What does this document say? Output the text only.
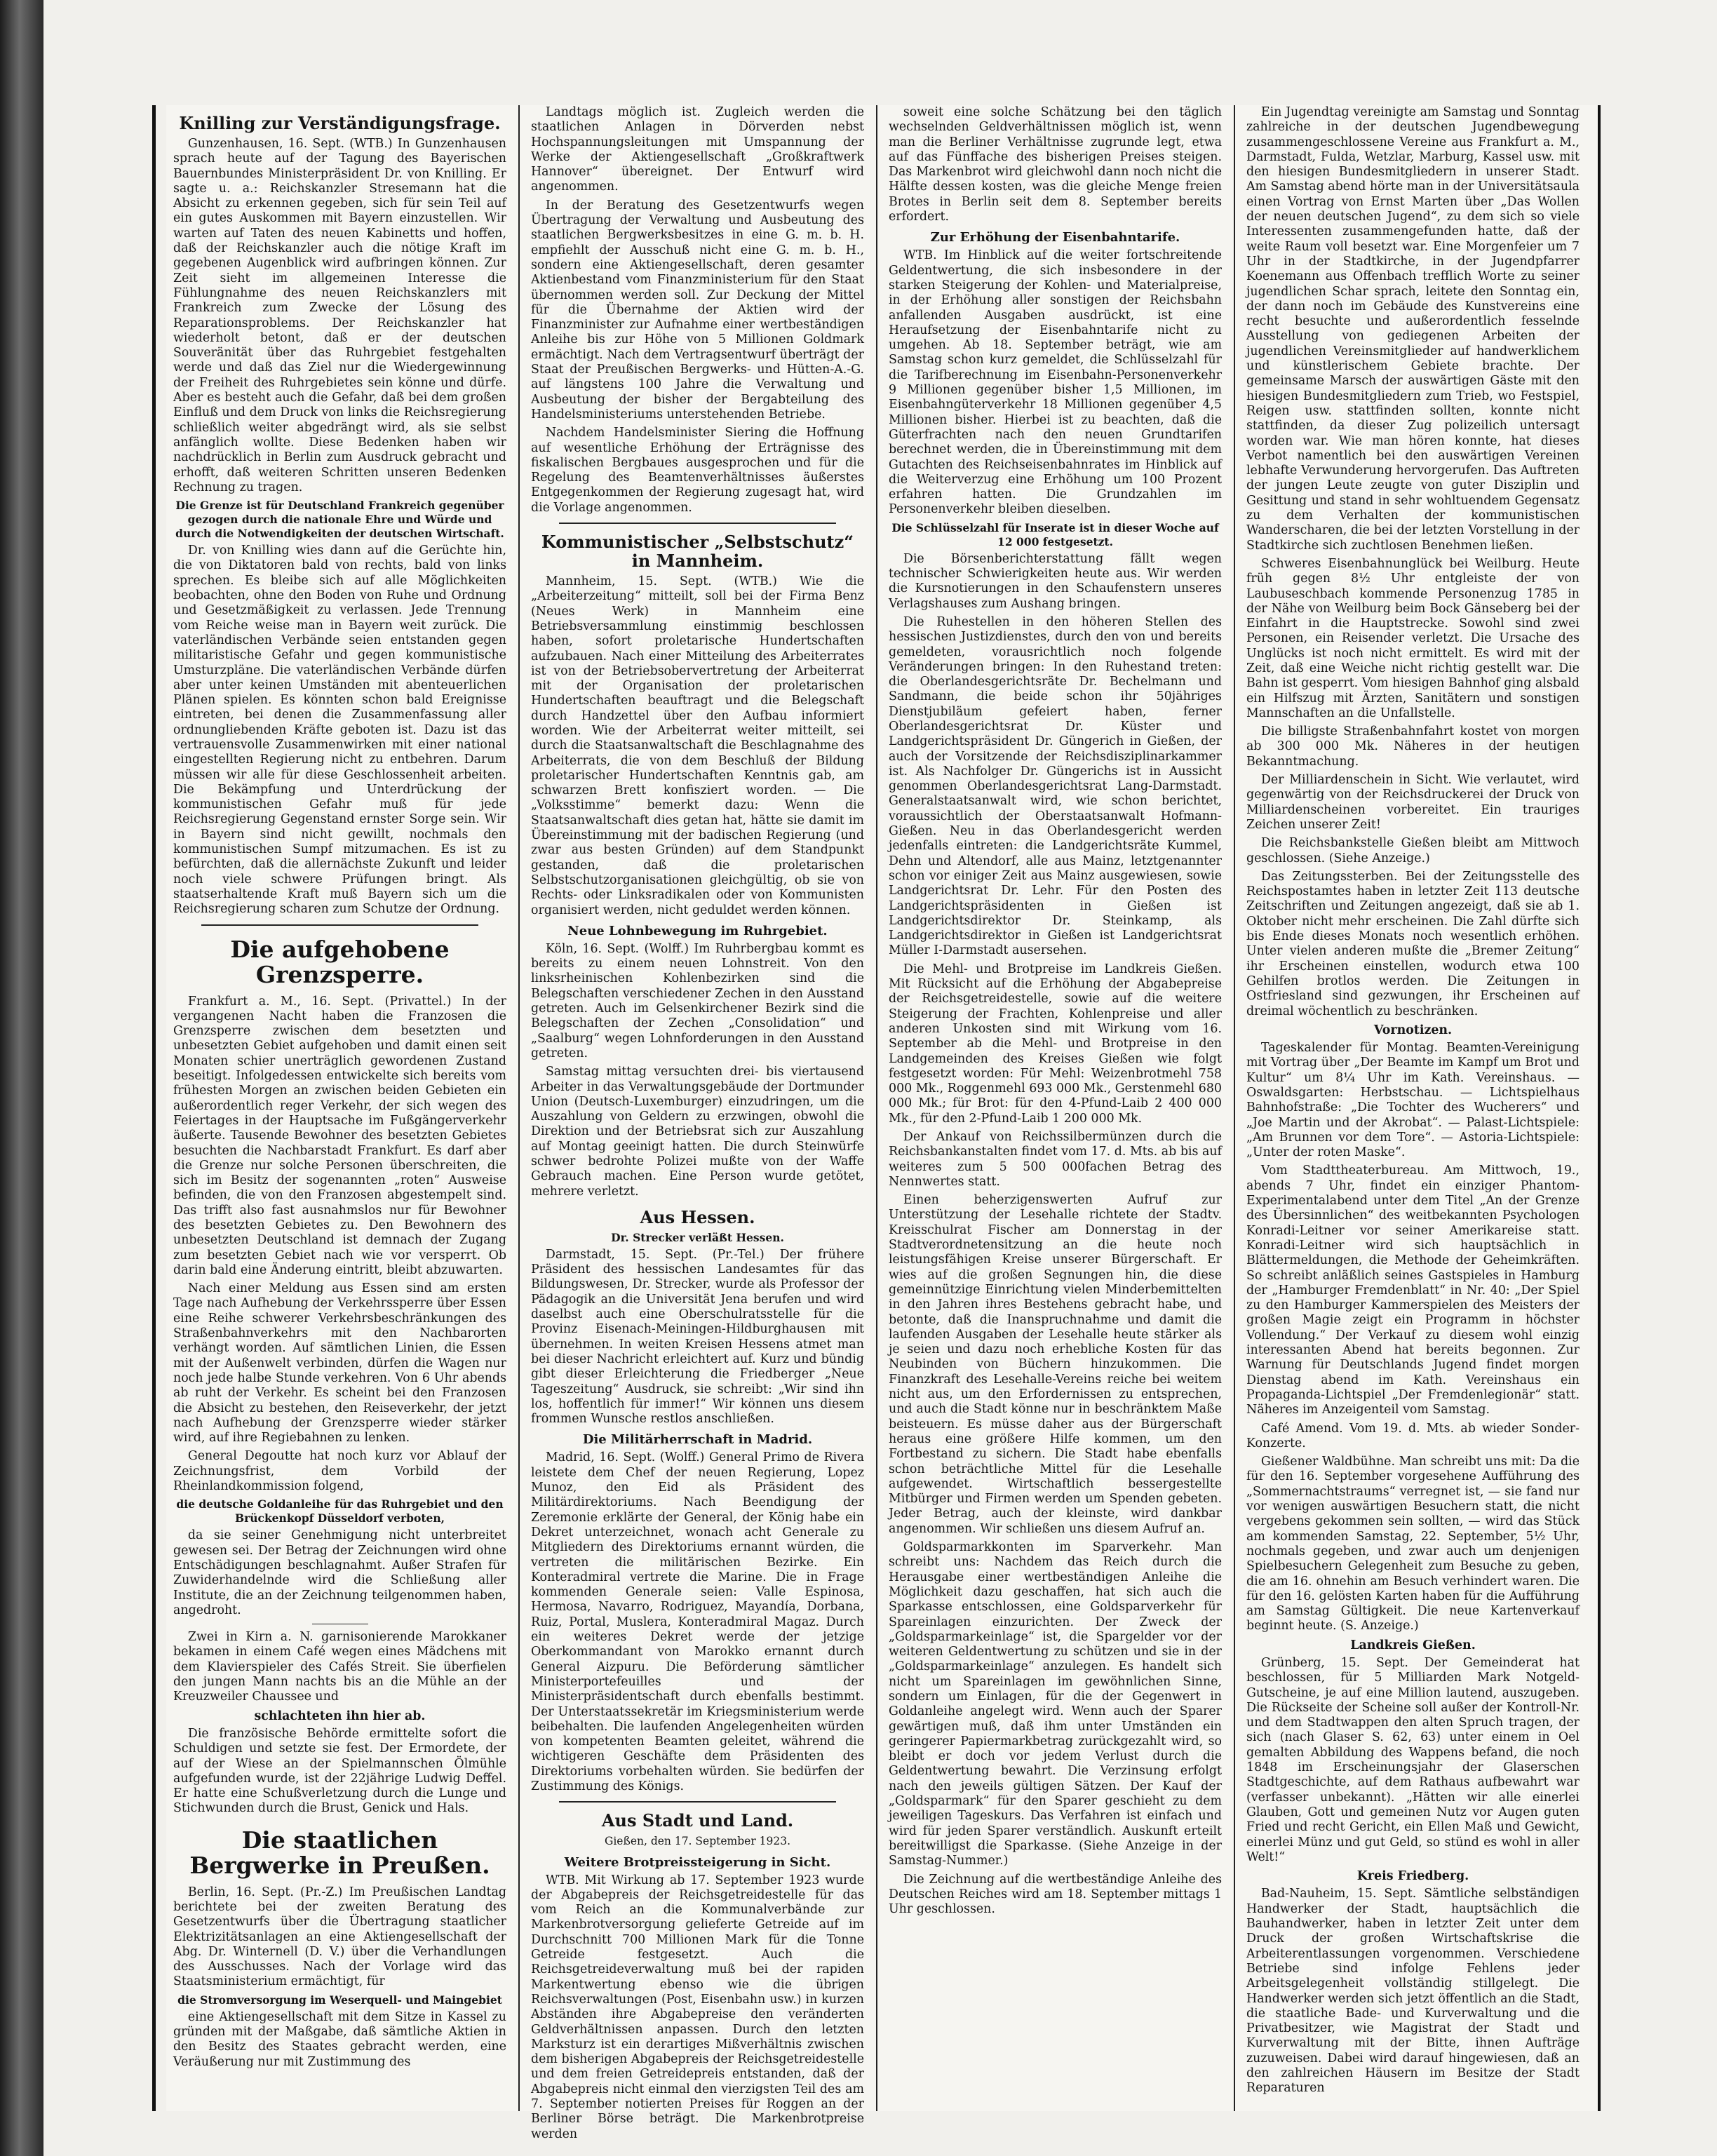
Knilling zur Verständigungsfrage.

Gunzenhausen, 16. Sept. (WTB.) In Gunzenhausen sprach heute auf der Tagung des Bayerischen Bauernbundes Ministerpräsident Dr. von Knilling. Er sagte u. a.: Reichskanzler Stresemann hat die Absicht zu erkennen gegeben, sich für sein Teil auf ein gutes Auskommen mit Bayern einzustellen. Wir warten auf Taten des neuen Kabinetts und hoffen, daß der Reichskanzler auch die nötige Kraft im gegebenen Augenblick wird aufbringen können. Zur Zeit sieht im allgemeinen Interesse die Fühlungnahme des neuen Reichskanzlers mit Frankreich zum Zwecke der Lösung des Reparationsproblems. Der Reichskanzler hat wiederholt betont, daß er der deutschen Souveränität über das Ruhrgebiet festgehalten werde und daß das Ziel nur die Wiedergewinnung der Freiheit des Ruhrgebietes sein könne und dürfe. Aber es besteht auch die Gefahr, daß bei dem großen Einfluß und dem Druck von links die Reichsregierung schließlich weiter abgedrängt wird, als sie selbst anfänglich wollte. Diese Bedenken haben wir nachdrücklich in Berlin zum Ausdruck gebracht und erhofft, daß weiteren Schritten unseren Bedenken Rechnung zu tragen.

Die Grenze ist für Deutschland Frankreich gegenüber gezogen durch die nationale Ehre und Würde und durch die Notwendigkeiten der deutschen Wirtschaft.

Dr. von Knilling wies dann auf die Gerüchte hin, die von Diktatoren bald von rechts, bald von links sprechen. Es bleibe sich auf alle Möglichkeiten beobachten, ohne den Boden von Ruhe und Ordnung und Gesetzmäßigkeit zu verlassen. Jede Trennung vom Reiche weise man in Bayern weit zurück. Die vaterländischen Verbände seien entstanden gegen militaristische Gefahr und gegen kommunistische Umsturzpläne. Die vaterländischen Verbände dürfen aber unter keinen Umständen mit abenteuerlichen Plänen spielen. Es könnten schon bald Ereignisse eintreten, bei denen die Zusammenfassung aller ordnungliebenden Kräfte geboten ist. Dazu ist das vertrauensvolle Zusammenwirken mit einer national eingestellten Regierung nicht zu entbehren. Darum müssen wir alle für diese Geschlossenheit arbeiten. Die Bekämpfung und Unterdrückung der kommunistischen Gefahr muß für jede Reichsregierung Gegenstand ernster Sorge sein. Wir in Bayern sind nicht gewillt, nochmals den kommunistischen Sumpf mitzumachen. Es ist zu befürchten, daß die allernächste Zukunft und leider noch viele schwere Prüfungen bringt. Als staatserhaltende Kraft muß Bayern sich um die Reichsregierung scharen zum Schutze der Ordnung.

Die aufgehobene Grenzsperre.

Frankfurt a. M., 16. Sept. (Privattel.) In der vergangenen Nacht haben die Franzosen die Grenzsperre zwischen dem besetzten und unbesetzten Gebiet aufgehoben und damit einen seit Monaten schier unerträglich gewordenen Zustand beseitigt. Infolgedessen entwickelte sich bereits vom frühesten Morgen an zwischen beiden Gebieten ein außerordentlich reger Verkehr, der sich wegen des Feiertages in der Hauptsache im Fußgängerverkehr äußerte. Tausende Bewohner des besetzten Gebietes besuchten die Nachbarstadt Frankfurt. Es darf aber die Grenze nur solche Personen überschreiten, die sich im Besitz der sogenannten „roten“ Ausweise befinden, die von den Franzosen abgestempelt sind. Das trifft also fast ausnahmslos nur für Bewohner des besetzten Gebietes zu. Den Bewohnern des unbesetzten Deutschland ist demnach der Zugang zum besetzten Gebiet nach wie vor versperrt. Ob darin bald eine Änderung eintritt, bleibt abzuwarten.

Nach einer Meldung aus Essen sind am ersten Tage nach Aufhebung der Verkehrssperre über Essen eine Reihe schwerer Verkehrsbeschränkungen des Straßenbahnverkehrs mit den Nachbarorten verhängt worden. Auf sämtlichen Linien, die Essen mit der Außenwelt verbinden, dürfen die Wagen nur noch jede halbe Stunde verkehren. Von 6 Uhr abends ab ruht der Verkehr. Es scheint bei den Franzosen die Absicht zu bestehen, den Reiseverkehr, der jetzt nach Aufhebung der Grenzsperre wieder stärker wird, auf ihre Regiebahnen zu lenken.

General Degoutte hat noch kurz vor Ablauf der Zeichnungsfrist, dem Vorbild der Rheinlandkommission folgend,

die deutsche Goldanleihe für das Ruhrgebiet und den Brückenkopf Düsseldorf verboten,

da sie seiner Genehmigung nicht unterbreitet gewesen sei. Der Betrag der Zeichnungen wird ohne Entschädigungen beschlagnahmt. Außer Strafen für Zuwiderhandelnde wird die Schließung aller Institute, die an der Zeichnung teilgenommen haben, angedroht.

Zwei in Kirn a. N. garnisonierende Marokkaner bekamen in einem Café wegen eines Mädchens mit dem Klavierspieler des Cafés Streit. Sie überfielen den jungen Mann nachts bis an die Mühle an der Kreuzweiler Chaussee und

schlachteten ihn hier ab.

Die französische Behörde ermittelte sofort die Schuldigen und setzte sie fest. Der Ermordete, der auf der Wiese an der Spielmannschen Ölmühle aufgefunden wurde, ist der 22jährige Ludwig Deffel. Er hatte eine Schußverletzung durch die Lunge und Stichwunden durch die Brust, Genick und Hals.

Die staatlichen Bergwerke in Preußen.

Berlin, 16. Sept. (Pr.-Z.) Im Preußischen Landtag berichtete bei der zweiten Beratung des Gesetzentwurfs über die Übertragung staatlicher Elektrizitätsanlagen an eine Aktiengesellschaft der Abg. Dr. Winternell (D. V.) über die Verhandlungen des Ausschusses. Nach der Vorlage wird das Staatsministerium ermächtigt, für

die Stromversorgung im Weserquell- und Maingebiet

eine Aktiengesellschaft mit dem Sitze in Kassel zu gründen mit der Maßgabe, daß sämtliche Aktien in den Besitz des Staates gebracht werden, eine Veräußerung nur mit Zustimmung des

Landtags möglich ist. Zugleich werden die staatlichen Anlagen in Dörverden nebst Hochspannungsleitungen mit Umspannung der Werke der Aktiengesellschaft „Großkraftwerk Hannover“ übereignet. Der Entwurf wird angenommen.

In der Beratung des Gesetzentwurfs wegen Übertragung der Verwaltung und Ausbeutung des staatlichen Bergwerksbesitzes in eine G. m. b. H. empfiehlt der Ausschuß nicht eine G. m. b. H., sondern eine Aktiengesellschaft, deren gesamter Aktienbestand vom Finanzministerium für den Staat übernommen werden soll. Zur Deckung der Mittel für die Übernahme der Aktien wird der Finanzminister zur Aufnahme einer wertbeständigen Anleihe bis zur Höhe von 5 Millionen Goldmark ermächtigt. Nach dem Vertragsentwurf überträgt der Staat der Preußischen Bergwerks- und Hütten-A.-G. auf längstens 100 Jahre die Verwaltung und Ausbeutung der bisher der Bergabteilung des Handelsministeriums unterstehenden Betriebe.

Nachdem Handelsminister Siering die Hoffnung auf wesentliche Erhöhung der Erträgnisse des fiskalischen Bergbaues ausgesprochen und für die Regelung des Beamtenverhältnisses äußerstes Entgegenkommen der Regierung zugesagt hat, wird die Vorlage angenommen.

Kommunistischer „Selbstschutz“ in Mannheim.

Mannheim, 15. Sept. (WTB.) Wie die „Arbeiterzeitung“ mitteilt, soll bei der Firma Benz (Neues Werk) in Mannheim eine Betriebsversammlung einstimmig beschlossen haben, sofort proletarische Hundertschaften aufzubauen. Nach einer Mitteilung des Arbeiterrates ist von der Betriebsobervertretung der Arbeiterrat mit der Organisation der proletarischen Hundertschaften beauftragt und die Belegschaft durch Handzettel über den Aufbau informiert worden. Wie der Arbeiterrat weiter mitteilt, sei durch die Staatsanwaltschaft die Beschlagnahme des Arbeiterrats, die von dem Beschluß der Bildung proletarischer Hundertschaften Kenntnis gab, am schwarzen Brett konfisziert worden. — Die „Volksstimme“ bemerkt dazu: Wenn die Staatsanwaltschaft dies getan hat, hätte sie damit im Übereinstimmung mit der badischen Regierung (und zwar aus besten Gründen) auf dem Standpunkt gestanden, daß die proletarischen Selbstschutzorganisationen gleichgültig, ob sie von Rechts- oder Linksradikalen oder von Kommunisten organisiert werden, nicht geduldet werden können.

Neue Lohnbewegung im Ruhrgebiet.

Köln, 16. Sept. (Wolff.) Im Ruhrbergbau kommt es bereits zu einem neuen Lohnstreit. Von den linksrheinischen Kohlenbezirken sind die Belegschaften verschiedener Zechen in den Ausstand getreten. Auch im Gelsenkirchener Bezirk sind die Belegschaften der Zechen „Consolidation“ und „Saalburg“ wegen Lohnforderungen in den Ausstand getreten.

Samstag mittag versuchten drei- bis viertausend Arbeiter in das Verwaltungsgebäude der Dortmunder Union (Deutsch-Luxemburger) einzudringen, um die Auszahlung von Geldern zu erzwingen, obwohl die Direktion und der Betriebsrat sich zur Auszahlung auf Montag geeinigt hatten. Die durch Steinwürfe schwer bedrohte Polizei mußte von der Waffe Gebrauch machen. Eine Person wurde getötet, mehrere verletzt.

Aus Hessen.
Dr. Strecker verläßt Hessen.

Darmstadt, 15. Sept. (Pr.-Tel.) Der frühere Präsident des hessischen Landesamtes für das Bildungswesen, Dr. Strecker, wurde als Professor der Pädagogik an die Universität Jena berufen und wird daselbst auch eine Oberschulratsstelle für die Provinz Eisenach-Meiningen-Hildburghausen mit übernehmen. In weiten Kreisen Hessens atmet man bei dieser Nachricht erleichtert auf. Kurz und bündig gibt dieser Erleichterung die Friedberger „Neue Tageszeitung“ Ausdruck, sie schreibt: „Wir sind ihn los, hoffentlich für immer!“ Wir können uns diesem frommen Wunsche restlos anschließen.

Die Militärherrschaft in Madrid.

Madrid, 16. Sept. (Wolff.) General Primo de Rivera leistete dem Chef der neuen Regierung, Lopez Munoz, den Eid als Präsident des Militärdirektoriums. Nach Beendigung der Zeremonie erklärte der General, der König habe ein Dekret unterzeichnet, wonach acht Generale zu Mitgliedern des Direktoriums ernannt würden, die vertreten die militärischen Bezirke. Ein Konteradmiral vertrete die Marine. Die in Frage kommenden Generale seien: Valle Espinosa, Hermosa, Navarro, Rodriguez, Mayandía, Dorbana, Ruiz, Portal, Muslera, Konteradmiral Magaz. Durch ein weiteres Dekret werde der jetzige Oberkommandant von Marokko ernannt durch General Aizpuru. Die Beförderung sämtlicher Ministerportefeuilles und der Ministerpräsidentschaft durch ebenfalls bestimmt. Der Unterstaatssekretär im Kriegsministerium werde beibehalten. Die laufenden Angelegenheiten würden von kompetenten Beamten geleitet, während die wichtigeren Geschäfte dem Präsidenten des Direktoriums vorbehalten würden. Sie bedürfen der Zustimmung des Königs.

Aus Stadt und Land.
Gießen, den 17. September 1923.
Weitere Brotpreissteigerung in Sicht.

WTB. Mit Wirkung ab 17. September 1923 wurde der Abgabepreis der Reichsgetreidestelle für das vom Reich an die Kommunalverbände zur Markenbrotversorgung gelieferte Getreide auf im Durchschnitt 700 Millionen Mark für die Tonne Getreide festgesetzt. Auch die Reichsgetreideverwaltung muß bei der rapiden Markentwertung ebenso wie die übrigen Reichsverwaltungen (Post, Eisenbahn usw.) in kurzen Abständen ihre Abgabepreise den veränderten Geldverhältnissen anpassen. Durch den letzten Marksturz ist ein derartiges Mißverhältnis zwischen dem bisherigen Abgabepreis der Reichsgetreidestelle und dem freien Getreidepreis entstanden, daß der Abgabepreis nicht einmal den vierzigsten Teil des am 7. September notierten Preises für Roggen an der Berliner Börse beträgt. Die Markenbrotpreise werden

soweit eine solche Schätzung bei den täglich wechselnden Geldverhältnissen möglich ist, wenn man die Berliner Verhältnisse zugrunde legt, etwa auf das Fünffache des bisherigen Preises steigen. Das Markenbrot wird gleichwohl dann noch nicht die Hälfte dessen kosten, was die gleiche Menge freien Brotes in Berlin seit dem 8. September bereits erfordert.

Zur Erhöhung der Eisenbahntarife.

WTB. Im Hinblick auf die weiter fortschreitende Geldentwertung, die sich insbesondere in der starken Steigerung der Kohlen- und Materialpreise, in der Erhöhung aller sonstigen der Reichsbahn anfallenden Ausgaben ausdrückt, ist eine Heraufsetzung der Eisenbahntarife nicht zu umgehen. Ab 18. September beträgt, wie am Samstag schon kurz gemeldet, die Schlüsselzahl für die Tarifberechnung im Eisenbahn-Personenverkehr 9 Millionen gegenüber bisher 1,5 Millionen, im Eisenbahngüterverkehr 18 Millionen gegenüber 4,5 Millionen bisher. Hierbei ist zu beachten, daß die Güterfrachten nach den neuen Grundtarifen berechnet werden, die in Übereinstimmung mit dem Gutachten des Reichseisenbahnrates im Hinblick auf die Weiterverzug eine Erhöhung um 100 Prozent erfahren hatten. Die Grundzahlen im Personenverkehr bleiben dieselben.

Die Schlüsselzahl für Inserate ist in dieser Woche auf 12 000 festgesetzt.

Die Börsenberichterstattung fällt wegen technischer Schwierigkeiten heute aus. Wir werden die Kursnotierungen in den Schaufenstern unseres Verlagshauses zum Aushang bringen.

Die Ruhestellen in den höheren Stellen des hessischen Justizdienstes, durch den von und bereits gemeldeten, vorausrichtlich noch folgende Veränderungen bringen: In den Ruhestand treten: die Oberlandesgerichtsräte Dr. Bechelmann und Sandmann, die beide schon ihr 50jähriges Dienstjubiläum gefeiert haben, ferner Oberlandesgerichtsrat Dr. Küster und Landgerichtspräsident Dr. Güngerich in Gießen, der auch der Vorsitzende der Reichsdisziplinarkammer ist. Als Nachfolger Dr. Güngerichs ist in Aussicht genommen Oberlandesgerichtsrat Lang-Darmstadt. Generalstaatsanwalt wird, wie schon berichtet, voraussichtlich der Oberstaatsanwalt Hofmann-Gießen. Neu in das Oberlandesgericht werden jedenfalls eintreten: die Landgerichtsräte Kummel, Dehn und Altendorf, alle aus Mainz, letztgenannter schon vor einiger Zeit aus Mainz ausgewiesen, sowie Landgerichtsrat Dr. Lehr. Für den Posten des Landgerichtspräsidenten in Gießen ist Landgerichtsdirektor Dr. Steinkamp, als Landgerichtsdirektor in Gießen ist Landgerichtsrat Müller I-Darmstadt ausersehen.

Die Mehl- und Brotpreise im Landkreis Gießen. Mit Rücksicht auf die Erhöhung der Abgabepreise der Reichsgetreidestelle, sowie auf die weitere Steigerung der Frachten, Kohlenpreise und aller anderen Unkosten sind mit Wirkung vom 16. September ab die Mehl- und Brotpreise in den Landgemeinden des Kreises Gießen wie folgt festgesetzt worden: Für Mehl: Weizenbrotmehl 758 000 Mk., Roggenmehl 693 000 Mk., Gerstenmehl 680 000 Mk.; für Brot: für den 4-Pfund-Laib 2 400 000 Mk., für den 2-Pfund-Laib 1 200 000 Mk.

Der Ankauf von Reichssilbermünzen durch die Reichsbankanstalten findet vom 17. d. Mts. ab bis auf weiteres zum 5 500 000fachen Betrag des Nennwertes statt.

Einen beherzigenswerten Aufruf zur Unterstützung der Lesehalle richtete der Stadtv. Kreisschulrat Fischer am Donnerstag in der Stadtverordnetensitzung an die heute noch leistungsfähigen Kreise unserer Bürgerschaft. Er wies auf die großen Segnungen hin, die diese gemeinnützige Einrichtung vielen Minderbemittelten in den Jahren ihres Bestehens gebracht habe, und betonte, daß die Inanspruchnahme und damit die laufenden Ausgaben der Lesehalle heute stärker als je seien und dazu noch erhebliche Kosten für das Neubinden von Büchern hinzukommen. Die Finanzkraft des Lesehalle-Vereins reiche bei weitem nicht aus, um den Erfordernissen zu entsprechen, und auch die Stadt könne nur in beschränktem Maße beisteuern. Es müsse daher aus der Bürgerschaft heraus eine größere Hilfe kommen, um den Fortbestand zu sichern. Die Stadt habe ebenfalls schon beträchtliche Mittel für die Lesehalle aufgewendet. Wirtschaftlich bessergestellte Mitbürger und Firmen werden um Spenden gebeten. Jeder Betrag, auch der kleinste, wird dankbar angenommen. Wir schließen uns diesem Aufruf an.

Goldsparmarkkonten im Sparverkehr. Man schreibt uns: Nachdem das Reich durch die Herausgabe einer wertbeständigen Anleihe die Möglichkeit dazu geschaffen, hat sich auch die Sparkasse entschlossen, eine Goldsparverkehr für Spareinlagen einzurichten. Der Zweck der „Goldsparmarkeinlage“ ist, die Spargelder vor der weiteren Geldentwertung zu schützen und sie in der „Goldsparmarkeinlage“ anzulegen. Es handelt sich nicht um Spareinlagen im gewöhnlichen Sinne, sondern um Einlagen, für die der Gegenwert in Goldanleihe angelegt wird. Wenn auch der Sparer gewärtigen muß, daß ihm unter Umständen ein geringerer Papiermarkbetrag zurückgezahlt wird, so bleibt er doch vor jedem Verlust durch die Geldentwertung bewahrt. Die Verzinsung erfolgt nach den jeweils gültigen Sätzen. Der Kauf der „Goldsparmark“ für den Sparer geschieht zu dem jeweiligen Tageskurs. Das Verfahren ist einfach und wird für jeden Sparer verständlich. Auskunft erteilt bereitwilligst die Sparkasse. (Siehe Anzeige in der Samstag-Nummer.)

Die Zeichnung auf die wertbeständige Anleihe des Deutschen Reiches wird am 18. September mittags 1 Uhr geschlossen.

Ein Jugendtag vereinigte am Samstag und Sonntag zahlreiche in der deutschen Jugendbewegung zusammengeschlossene Vereine aus Frankfurt a. M., Darmstadt, Fulda, Wetzlar, Marburg, Kassel usw. mit den hiesigen Bundesmitgliedern in unserer Stadt. Am Samstag abend hörte man in der Universitätsaula einen Vortrag von Ernst Marten über „Das Wollen der neuen deutschen Jugend“, zu dem sich so viele Interessenten zusammengefunden hatte, daß der weite Raum voll besetzt war. Eine Morgenfeier um 7 Uhr in der Stadtkirche, in der Jugendpfarrer Koenemann aus Offenbach trefflich Worte zu seiner jugendlichen Schar sprach, leitete den Sonntag ein, der dann noch im Gebäude des Kunstvereins eine recht besuchte und außerordentlich fesselnde Ausstellung von gediegenen Arbeiten der jugendlichen Vereinsmitglieder auf handwerklichem und künstlerischem Gebiete brachte. Der gemeinsame Marsch der auswärtigen Gäste mit den hiesigen Bundesmitgliedern zum Trieb, wo Festspiel, Reigen usw. stattfinden sollten, konnte nicht stattfinden, da dieser Zug polizeilich untersagt worden war. Wie man hören konnte, hat dieses Verbot namentlich bei den auswärtigen Vereinen lebhafte Verwunderung hervorgerufen. Das Auftreten der jungen Leute zeugte von guter Disziplin und Gesittung und stand in sehr wohltuendem Gegensatz zu dem Verhalten der kommunistischen Wanderscharen, die bei der letzten Vorstellung in der Stadtkirche sich zuchtlosen Benehmen ließen.

Schweres Eisenbahnunglück bei Weilburg. Heute früh gegen 8½ Uhr entgleiste der von Laubuseschbach kommende Personenzug 1785 in der Nähe von Weilburg beim Bock Gänseberg bei der Einfahrt in die Hauptstrecke. Sowohl sind zwei Personen, ein Reisender verletzt. Die Ursache des Unglücks ist noch nicht ermittelt. Es wird mit der Zeit, daß eine Weiche nicht richtig gestellt war. Die Bahn ist gesperrt. Vom hiesigen Bahnhof ging alsbald ein Hilfszug mit Ärzten, Sanitätern und sonstigen Mannschaften an die Unfallstelle.

Die billigste Straßenbahnfahrt kostet von morgen ab 300 000 Mk. Näheres in der heutigen Bekanntmachung.

Der Milliardenschein in Sicht. Wie verlautet, wird gegenwärtig von der Reichsdruckerei der Druck von Milliardenscheinen vorbereitet. Ein trauriges Zeichen unserer Zeit!

Die Reichsbankstelle Gießen bleibt am Mittwoch geschlossen. (Siehe Anzeige.)

Das Zeitungssterben. Bei der Zeitungsstelle des Reichspostamtes haben in letzter Zeit 113 deutsche Zeitschriften und Zeitungen angezeigt, daß sie ab 1. Oktober nicht mehr erscheinen. Die Zahl dürfte sich bis Ende dieses Monats noch wesentlich erhöhen. Unter vielen anderen mußte die „Bremer Zeitung“ ihr Erscheinen einstellen, wodurch etwa 100 Gehilfen brotlos werden. Die Zeitungen in Ostfriesland sind gezwungen, ihr Erscheinen auf dreimal wöchentlich zu beschränken.

Vornotizen.

Tageskalender für Montag. Beamten-Vereinigung mit Vortrag über „Der Beamte im Kampf um Brot und Kultur“ um 8¼ Uhr im Kath. Vereinshaus. — Oswaldsgarten: Herbstschau. — Lichtspielhaus Bahnhofstraße: „Die Tochter des Wucherers“ und „Joe Martin und der Akrobat“. — Palast-Lichtspiele: „Am Brunnen vor dem Tore“. — Astoria-Lichtspiele: „Unter der roten Maske“.

Vom Stadttheaterbureau. Am Mittwoch, 19., abends 7 Uhr, findet ein einziger Phantom-Experimentalabend unter dem Titel „An der Grenze des Übersinnlichen“ des weitbekannten Psychologen Konradi-Leitner vor seiner Amerikareise statt. Konradi-Leitner wird sich hauptsächlich in Blättermeldungen, die Methode der Geheimkräften. So schreibt anläßlich seines Gastspieles in Hamburg der „Hamburger Fremdenblatt“ in Nr. 40: „Der Spiel zu den Hamburger Kammerspielen des Meisters der großen Magie zeigt ein Programm in höchster Vollendung.“ Der Verkauf zu diesem wohl einzig interessanten Abend hat bereits begonnen. Zur Warnung für Deutschlands Jugend findet morgen Dienstag abend im Kath. Vereinshaus ein Propaganda-Lichtspiel „Der Fremdenlegionär“ statt. Näheres im Anzeigenteil vom Samstag.

Café Amend. Vom 19. d. Mts. ab wieder Sonder-Konzerte.

Gießener Waldbühne. Man schreibt uns mit: Da die für den 16. September vorgesehene Aufführung des „Sommernachtstraums“ verregnet ist, — sie fand nur vor wenigen auswärtigen Besuchern statt, die nicht vergebens gekommen sein sollten, — wird das Stück am kommenden Samstag, 22. September, 5½ Uhr, nochmals gegeben, und zwar auch um denjenigen Spielbesuchern Gelegenheit zum Besuche zu geben, die am 16. ohnehin am Besuch verhindert waren. Die für den 16. gelösten Karten haben für die Aufführung am Samstag Gültigkeit. Die neue Kartenverkauf beginnt heute. (S. Anzeige.)

Landkreis Gießen.

Grünberg, 15. Sept. Der Gemeinderat hat beschlossen, für 5 Milliarden Mark Notgeld-Gutscheine, je auf eine Million lautend, auszugeben. Die Rückseite der Scheine soll außer der Kontroll-Nr. und dem Stadtwappen den alten Spruch tragen, der sich (nach Glaser S. 62, 63) unter einem in Oel gemalten Abbildung des Wappens befand, die noch 1848 im Erscheinungsjahr der Glaserschen Stadtgeschichte, auf dem Rathaus aufbewahrt war (verfasser unbekannt). „Hätten wir alle einerlei Glauben, Gott und gemeinen Nutz vor Augen guten Fried und recht Gericht, ein Ellen Maß und Gewicht, einerlei Münz und gut Geld, so stünd es wohl in aller Welt!“

Kreis Friedberg.

Bad-Nauheim, 15. Sept. Sämtliche selbständigen Handwerker der Stadt, hauptsächlich die Bauhandwerker, haben in letzter Zeit unter dem Druck der großen Wirtschaftskrise die Arbeiterentlassungen vorgenommen. Verschiedene Betriebe sind infolge Fehlens jeder Arbeitsgelegenheit vollständig stillgelegt. Die Handwerker werden sich jetzt öffentlich an die Stadt, die staatliche Bade- und Kurverwaltung und die Privatbesitzer, wie Magistrat der Stadt und Kurverwaltung mit der Bitte, ihnen Aufträge zuzuweisen. Dabei wird darauf hingewiesen, daß an den zahlreichen Häusern im Besitze der Stadt Reparaturen
